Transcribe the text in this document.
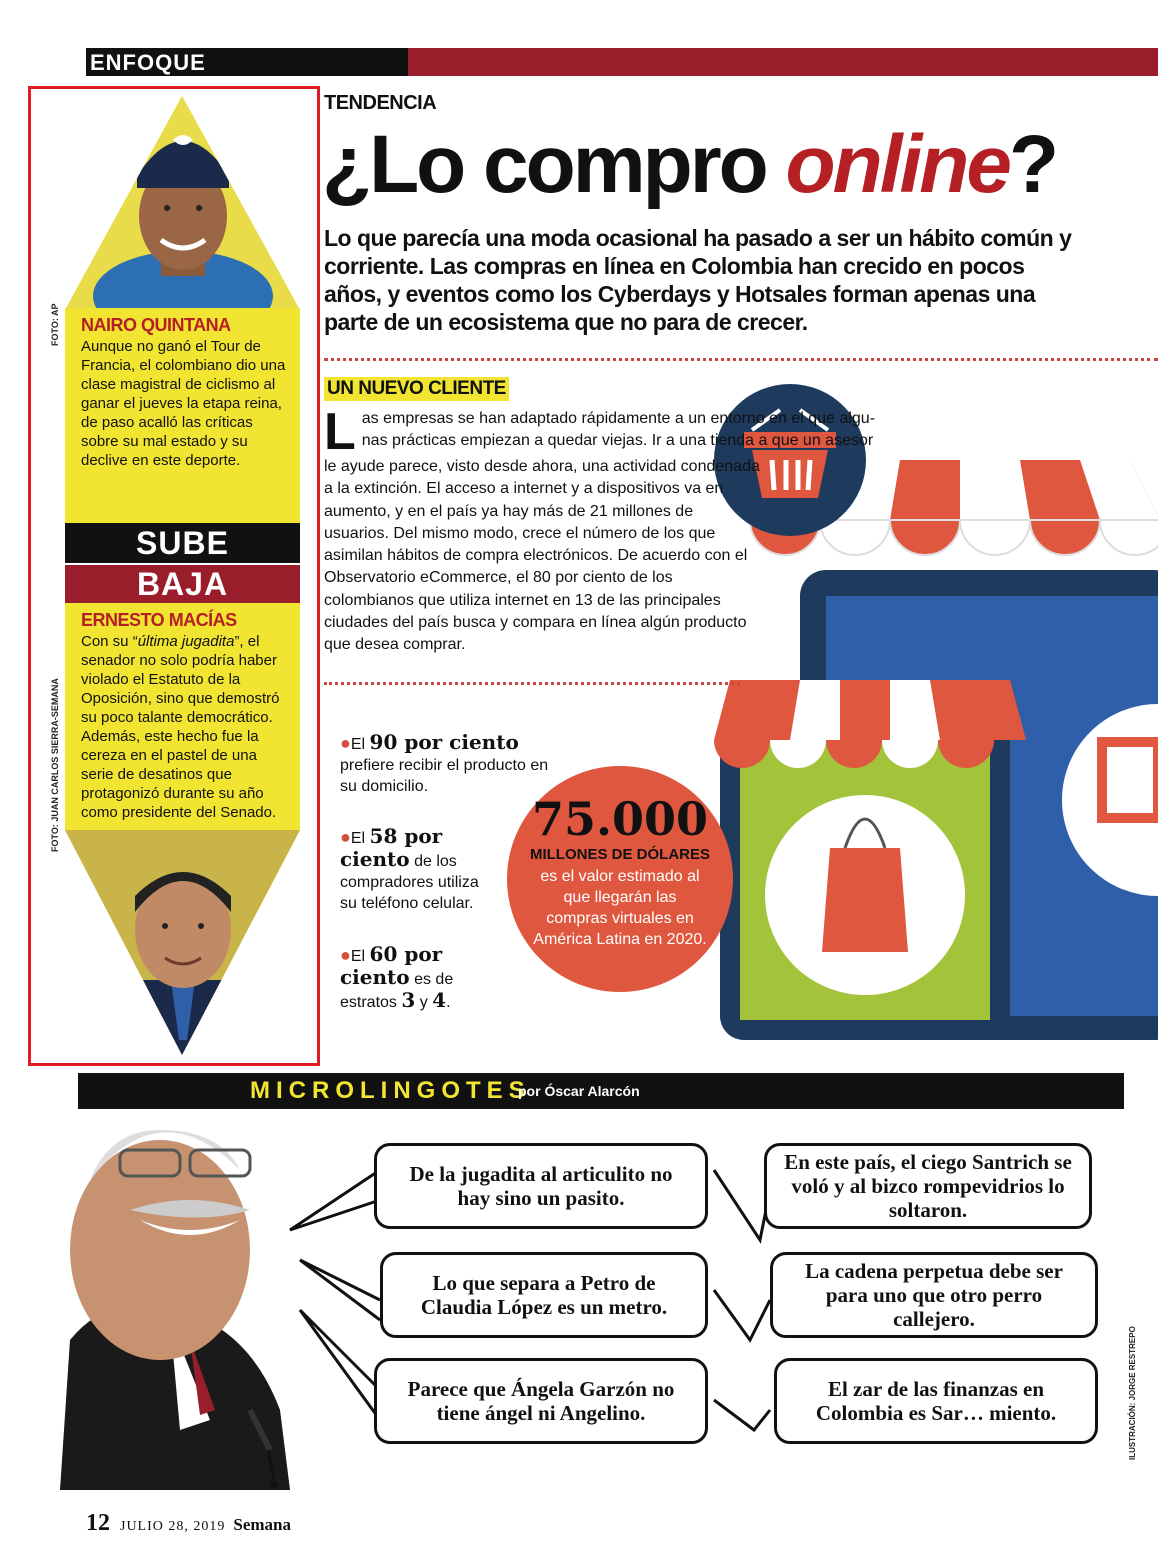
ENFOQUE
NAIRO QUINTANA
Aunque no ganó el Tour de Francia, el colombiano dio una clase magistral de ciclismo al ganar el jueves la etapa reina, de paso acalló las críticas sobre su mal estado y su declive en este deporte.
FOTO: AP
SUBE
BAJA
ERNESTO MACÍAS
Con su “última jugadita”, el senador no solo podría haber violado el Estatuto de la Oposición, sino que demostró su poco talante democrático. Además, este hecho fue la cereza en el pastel de una serie de desatinos que protagonizó durante su año como presidente del Senado.
FOTO: JUAN CARLOS SIERRA-SEMANA
TENDENCIA
¿Lo compro online?
Lo que parecía una moda ocasional ha pasado a ser un hábito común y corriente. Las compras en línea en Colombia han crecido en pocos años, y eventos como los Cyberdays y Hotsales forman apenas una parte de un ecosistema que no para de crecer.
UN NUEVO CLIENTE
L as empresas se han adaptado rápidamente a un entorno en el que algu-
nas prácticas empiezan a quedar viejas. Ir a una tienda a que un asesor
le ayude parece, visto desde ahora, una actividad condenada a la extinción. El acceso a internet y a dispositivos va en aumento, y en el país ya hay más de 21 millones de usuarios. Del mismo modo, crece el número de los que asimilan hábitos de compra electrónicos. De acuerdo con el Observatorio eCommerce, el 80 por ciento de los colombianos que utiliza internet en 13 de las principales ciudades del país busca y compara en línea algún producto que desea comprar.
●El 90 por ciento prefiere recibir el producto en su domicilio.
●El 58 por ciento de los compradores utiliza su teléfono celular.
●El 60 por ciento es de estratos 3 y 4.
75.000
MILLONES DE DÓLARES
es el valor estimado al que llegarán las compras virtuales en América Latina en 2020.
MICROLINGOTES
por Óscar Alarcón
De la jugadita al articulito no hay sino un pasito.
En este país, el ciego Santrich se voló y al bizco rompevidrios lo soltaron.
Lo que separa a Petro de Claudia López es un metro.
La cadena perpetua debe ser para uno que otro perro callejero.
Parece que Ángela Garzón no tiene ángel ni Angelino.
El zar de las finanzas en Colombia es Sar… miento.	ILUSTRACIÓN: JORGE RESTREPO
12 JULIO 28, 2019 Semana
